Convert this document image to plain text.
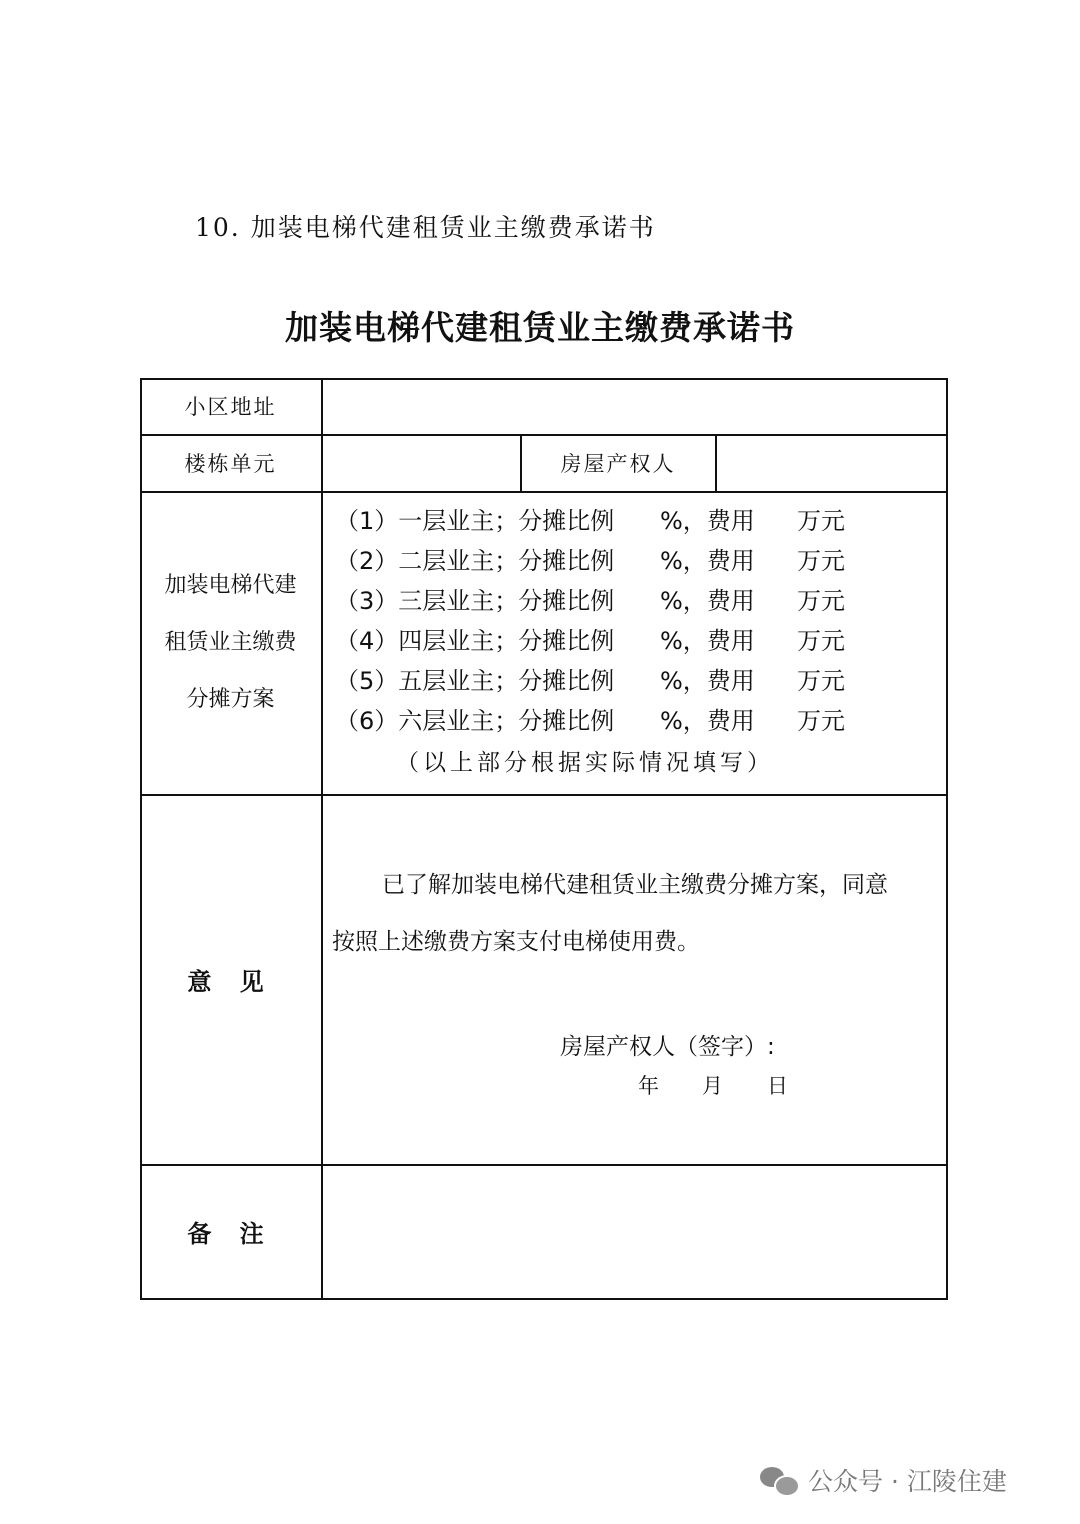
10. 加装电梯代建租赁业主缴费承诺书
加装电梯代建租赁业主缴费承诺书
小区地址
楼栋单元	房屋产权人
加装电梯代建
租赁业主缴费
分摊方案

（1）一层业主；分摊比例

%，费用

万元

（2）二层业主；分摊比例

%，费用

万元

（3）三层业主；分摊比例

%，费用

万元

（4）四层业主；分摊比例

%，费用

万元

（5）五层业主；分摊比例

%，费用

万元

（6）六层业主；分摊比例

%，费用

万元

（以上部分根据实际情况填写）
意 见
已了解加装电梯代建租赁业主缴费分摊方案，同意
按照上述缴费方案支付电梯使用费。
房屋产权人（签字）:
年 月 日
备 注
公众号 · 江陵住建
